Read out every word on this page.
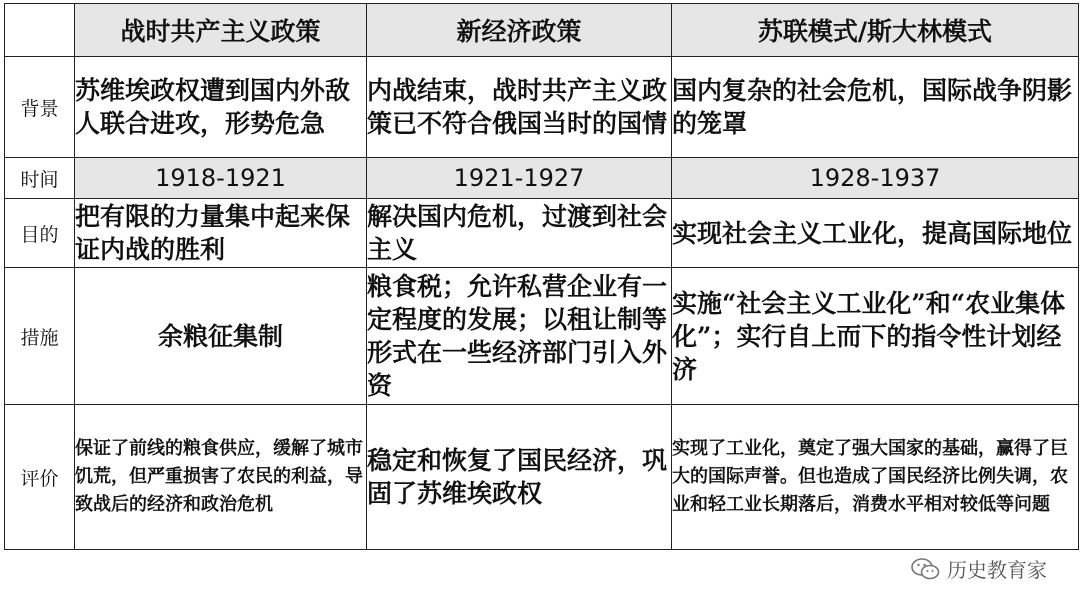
	战时共产主义政策	新经济政策	苏联模式/斯大林模式
背景	苏维埃政权遭到国内外敌人联合进攻，形势危急	内战结束，战时共产主义政策已不符合俄国当时的国情	国内复杂的社会危机，国际战争阴影的笼罩
时间	1918-1921	1921-1927	1928-1937
目的	把有限的力量集中起来保证内战的胜利	解决国内危机，过渡到社会主义	实现社会主义工业化，提高国际地位
措施	余粮征集制	粮食税；允许私营企业有一定程度的发展；以租让制等形式在一些经济部门引入外资	实施“社会主义工业化”和“农业集体化”；实行自上而下的指令性计划经济
评价	保证了前线的粮食供应，缓解了城市饥荒，但严重损害了农民的利益，导致战后的经济和政治危机	稳定和恢复了国民经济，巩固了苏维埃政权	实现了工业化，奠定了强大国家的基础，赢得了巨大的国际声誉。但也造成了国民经济比例失调，农业和轻工业长期落后，消费水平相对较低等问题
历史教育家
